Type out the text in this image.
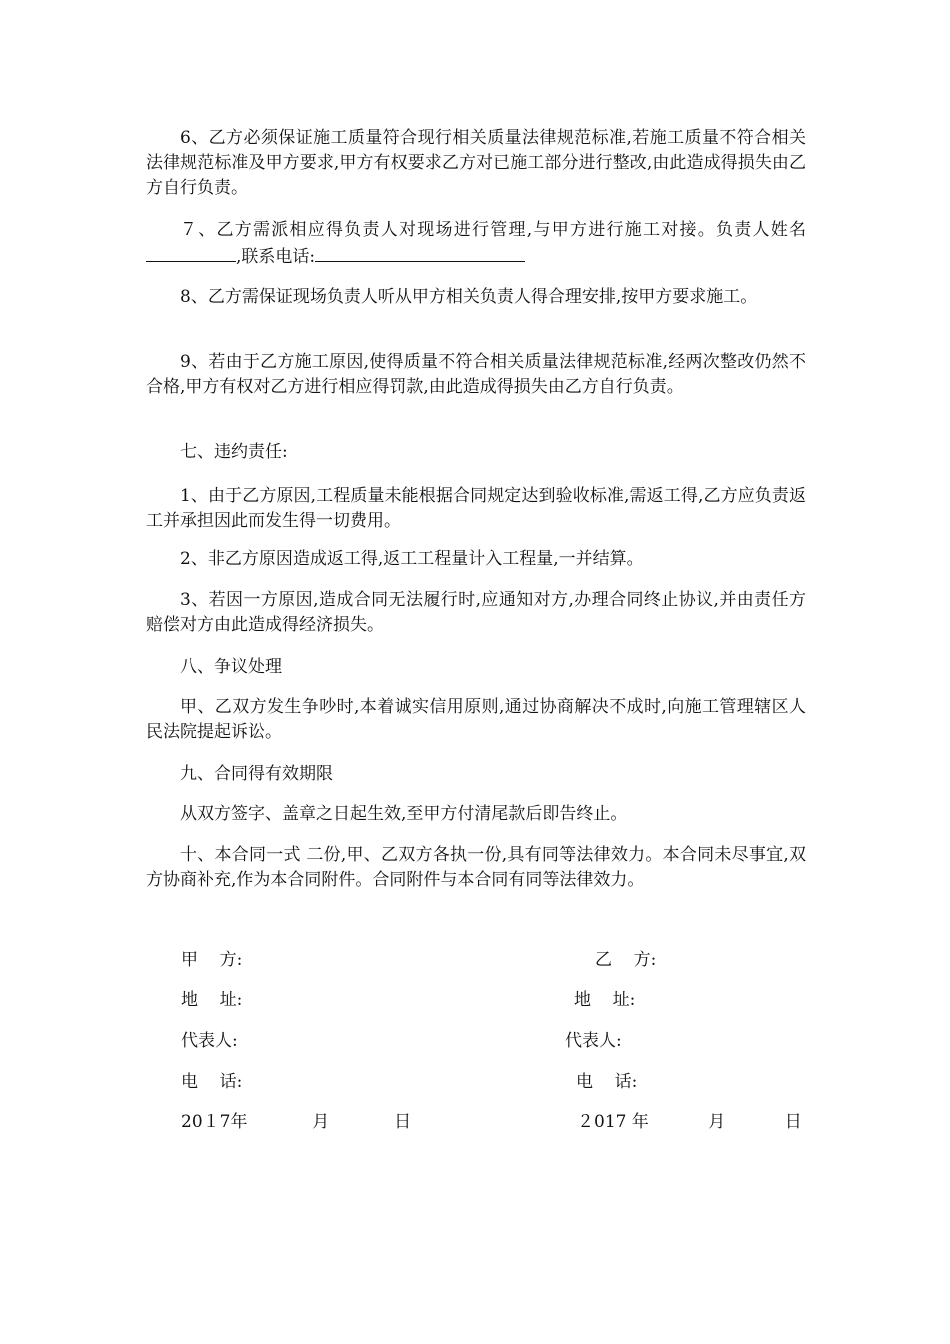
6、乙方必须保证施工质量符合现行相关质量法律规范标准,若施工质量不符合相关法律规范标准及甲方要求,甲方有权要求乙方对已施工部分进行整改,由此造成得损失由乙方自行负责。
７、乙方需派相应得负责人对现场进行管理,与甲方进行施工对接。负责人姓名,联系电话:
8、乙方需保证现场负责人听从甲方相关负责人得合理安排,按甲方要求施工。
9、若由于乙方施工原因,使得质量不符合相关质量法律规范标准,经两次整改仍然不合格,甲方有权对乙方进行相应得罚款,由此造成得损失由乙方自行负责。
七、违约责任:
1、由于乙方原因,工程质量未能根据合同规定达到验收标准,需返工得,乙方应负责返工并承担因此而发生得一切费用。
2、非乙方原因造成返工得,返工工程量计入工程量,一并结算。
3、若因一方原因,造成合同无法履行时,应通知对方,办理合同终止协议,并由责任方赔偿对方由此造成得经济损失。
八、争议处理
甲、乙双方发生争吵时,本着诚实信用原则,通过协商解决不成时,向施工管理辖区人民法院提起诉讼。
九、合同得有效期限
从双方签字、盖章之日起生效,至甲方付清尾款后即告终止。
十、本合同一式 二份,甲、乙双方各执一份,具有同等法律效力。本合同未尽事宜,双方协商补充,作为本合同附件。合同附件与本合同有同等法律效力。
甲    方:
地    址:
代表人:
电    话:
20１7年            月            日
乙    方:
地    址:
代表人:
电    话:
２017 年           月           日
